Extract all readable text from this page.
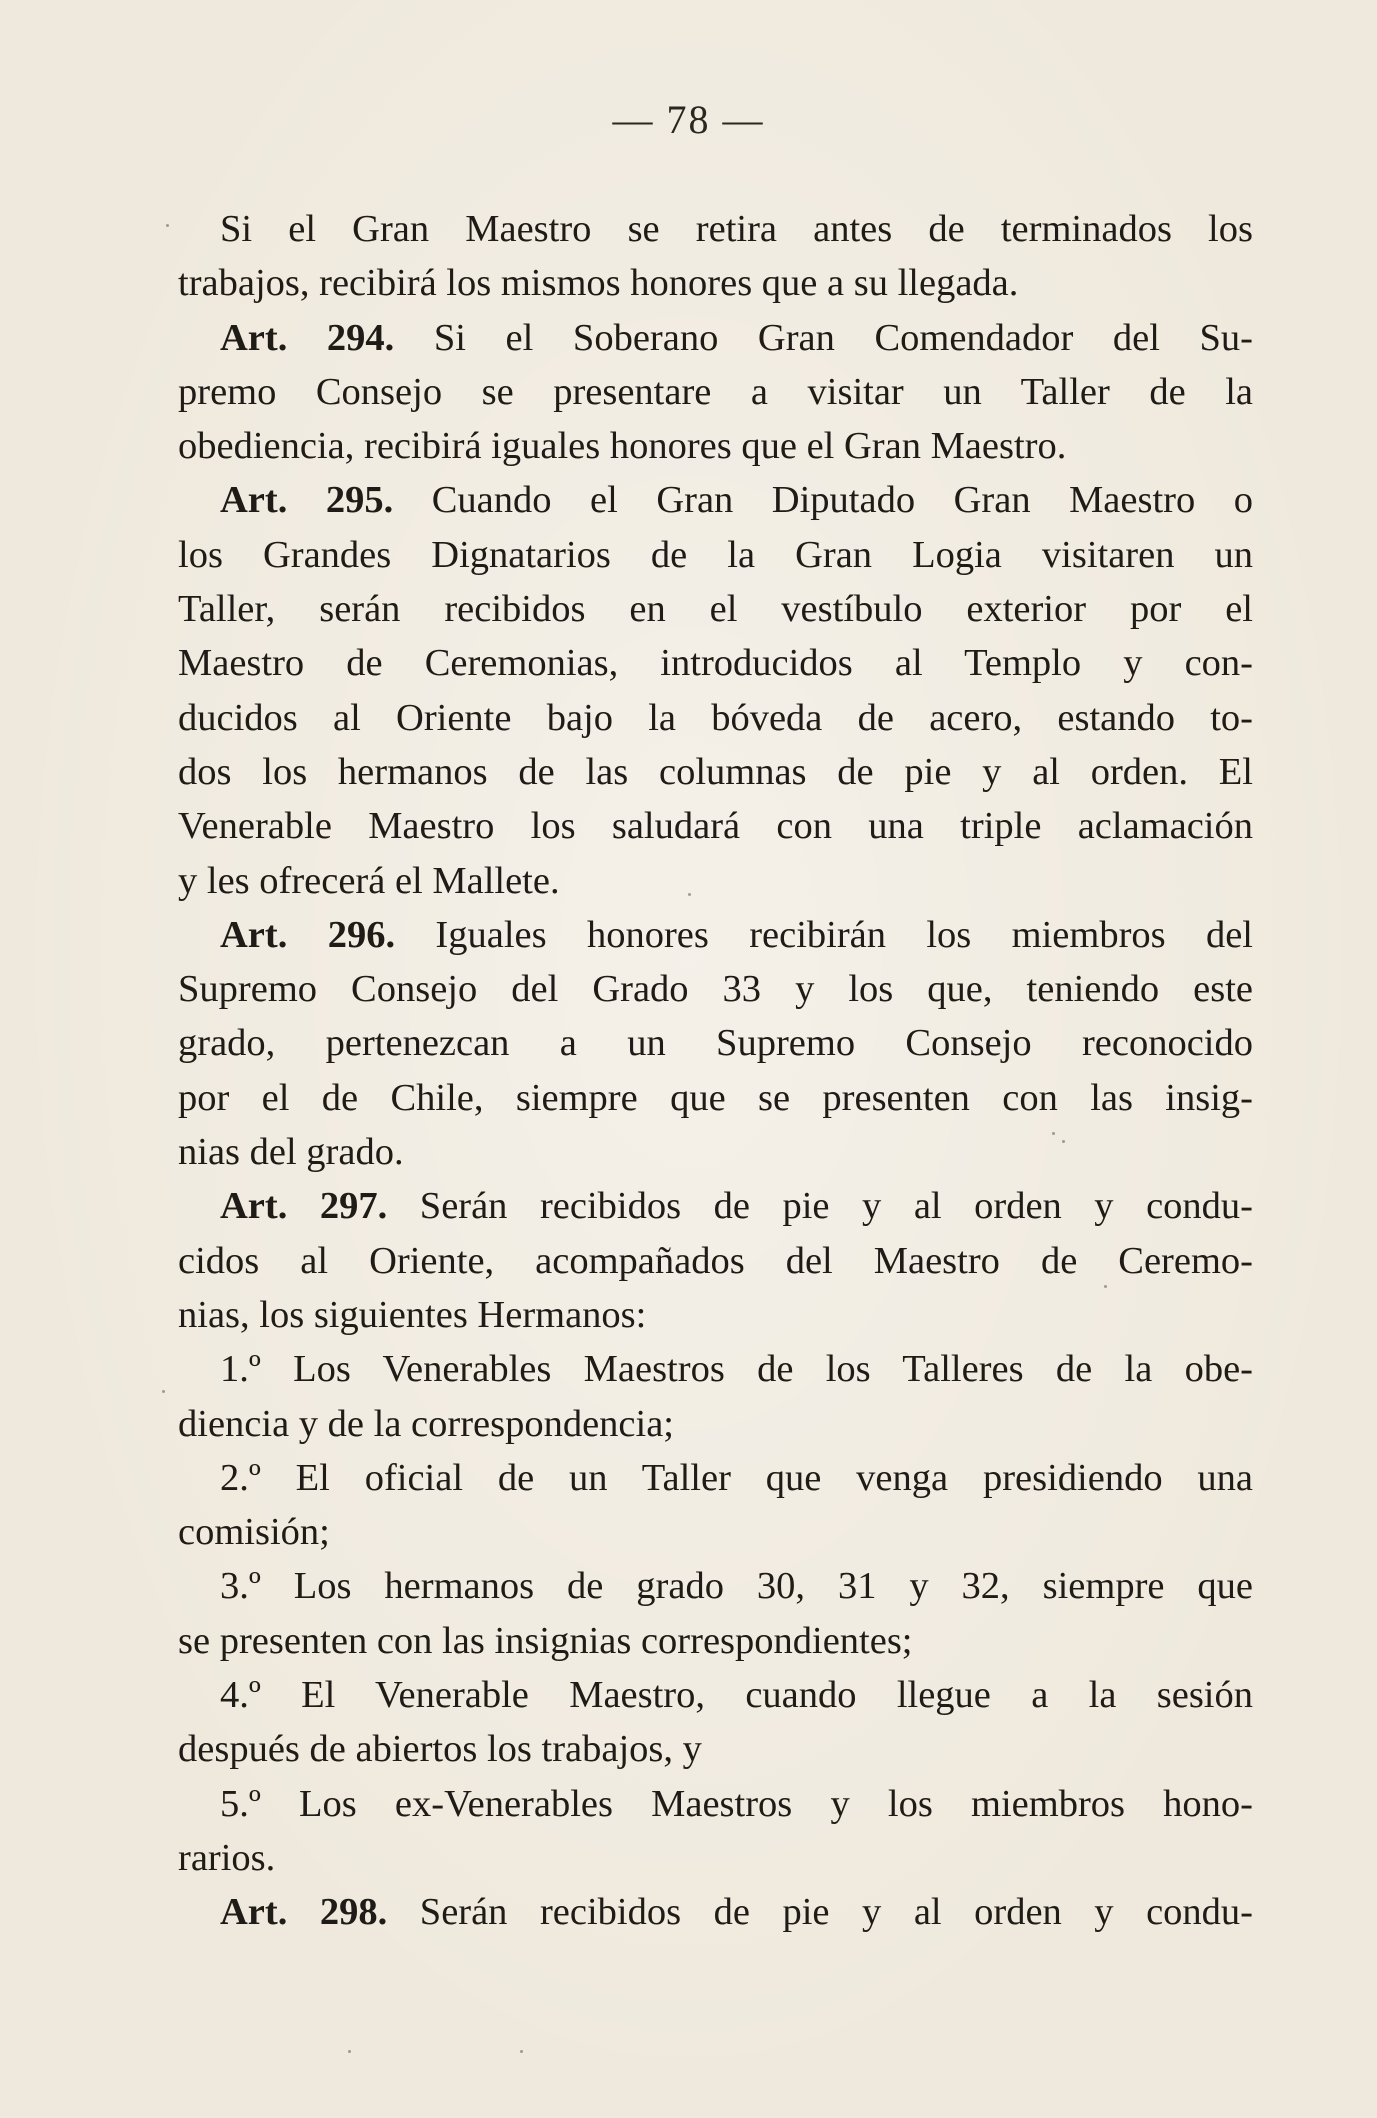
— 78 —
Si el Gran Maestro se retira antes de terminados los
trabajos, recibirá los mismos honores que a su llegada.
Art. 294. Si el Soberano Gran Comendador del Su-
premo Consejo se presentare a visitar un Taller de la
obediencia, recibirá iguales honores que el Gran Maestro.
Art. 295. Cuando el Gran Diputado Gran Maestro o
los Grandes Dignatarios de la Gran Logia visitaren un
Taller, serán recibidos en el vestíbulo exterior por el
Maestro de Ceremonias, introducidos al Templo y con-
ducidos al Oriente bajo la bóveda de acero, estando to-
dos los hermanos de las columnas de pie y al orden. El
Venerable Maestro los saludará con una triple aclamación
y les ofrecerá el Mallete.
Art. 296. Iguales honores recibirán los miembros del
Supremo Consejo del Grado 33 y los que, teniendo este
grado, pertenezcan a un Supremo Consejo reconocido
por el de Chile, siempre que se presenten con las insig-
nias del grado.
Art. 297. Serán recibidos de pie y al orden y condu-
cidos al Oriente, acompañados del Maestro de Ceremo-
nias, los siguientes Hermanos:
1.º Los Venerables Maestros de los Talleres de la obe-
diencia y de la correspondencia;
2.º El oficial de un Taller que venga presidiendo una
comisión;
3.º Los hermanos de grado 30, 31 y 32, siempre que
se presenten con las insignias correspondientes;
4.º El Venerable Maestro, cuando llegue a la sesión
después de abiertos los trabajos, y
5.º Los ex-Venerables Maestros y los miembros hono-
rarios.
Art. 298. Serán recibidos de pie y al orden y condu-
